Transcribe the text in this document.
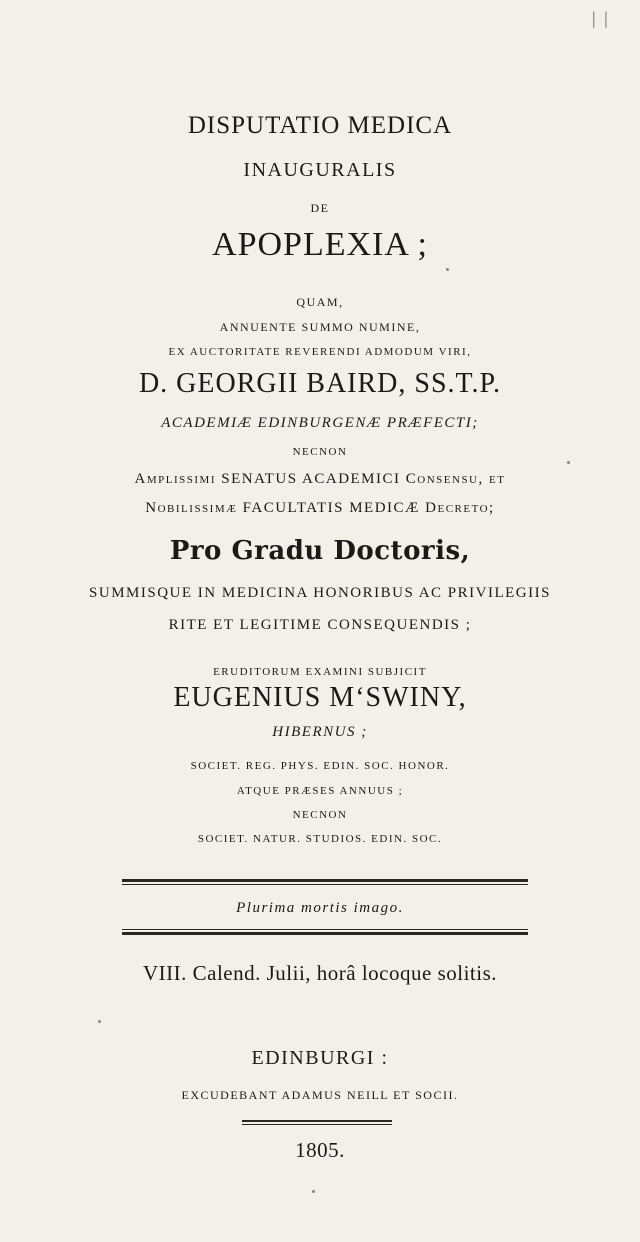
DISPUTATIO MEDICA
INAUGURALIS
DE
APOPLEXIA ;
QUAM,
ANNUENTE SUMMO NUMINE,
EX AUCTORITATE REVERENDI ADMODUM VIRI,
D. GEORGII BAIRD, SS.T.P.
ACADEMIÆ EDINBURGENÆ PRÆFECTI;
NECNON
Amplissimi SENATUS ACADEMICI Consensu, et
Nobilissimæ FACULTATIS MEDICÆ Decreto;
Pro Gradu Doctoris,
SUMMISQUE IN MEDICINA HONORIBUS AC PRIVILEGIIS
RITE ET LEGITIME CONSEQUENDIS ;
ERUDITORUM EXAMINI SUBJICIT
EUGENIUS M‘SWINY,
HIBERNUS ;
SOCIET. REG. PHYS. EDIN. SOC. HONOR.
ATQUE PRÆSES ANNUUS ;
NECNON
SOCIET. NATUR. STUDIOS. EDIN. SOC.
Plurima mortis imago.
VIII. Calend. Julii, horâ locoque solitis.
EDINBURGI :
EXCUDEBANT ADAMUS NEILL ET SOCII.
1805.
| |
